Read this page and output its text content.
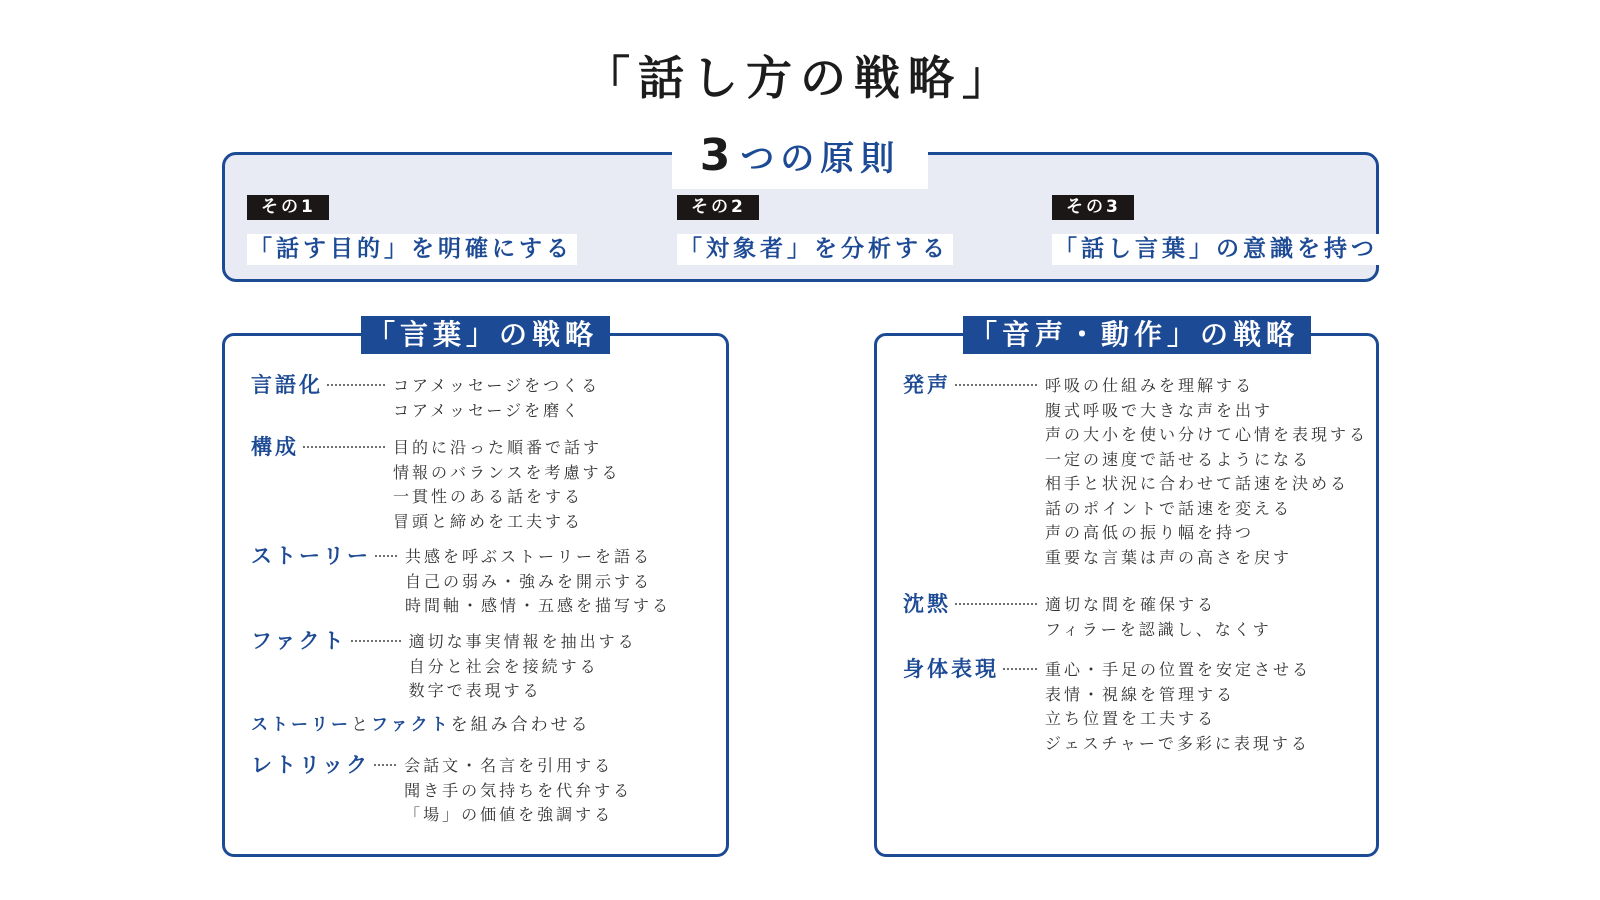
「話し方の戦略」
その1
「話す目的」を明確にする
その2
「対象者」を分析する
その3
「話し言葉」の意識を持つ
3 つの原則
「言葉」の戦略
言語化	コアメッセージをつくる
コアメッセージを磨く
構成	目的に沿った順番で話す
情報のバランスを考慮する
一貫性のある話をする
冒頭と締めを工夫する
ストーリー 共感を呼ぶストーリーを語る
自己の弱み・強みを開示する
時間軸・感情・五感を描写する
ファクト	適切な事実情報を抽出する
自分と社会を接続する
数字で表現する
ストーリーとファクトを組み合わせる
レトリック 会話文・名言を引用する
聞き手の気持ちを代弁する
「場」の価値を強調する
「音声・動作」の戦略
発声	呼吸の仕組みを理解する
腹式呼吸で大きな声を出す
声の大小を使い分けて心情を表現する
一定の速度で話せるようになる
相手と状況に合わせて話速を決める
話のポイントで話速を変える
声の高低の振り幅を持つ
重要な言葉は声の高さを戻す
沈黙	適切な間を確保する
フィラーを認識し、なくす
身体表現	重心・手足の位置を安定させる
表情・視線を管理する
立ち位置を工夫する
ジェスチャーで多彩に表現する
